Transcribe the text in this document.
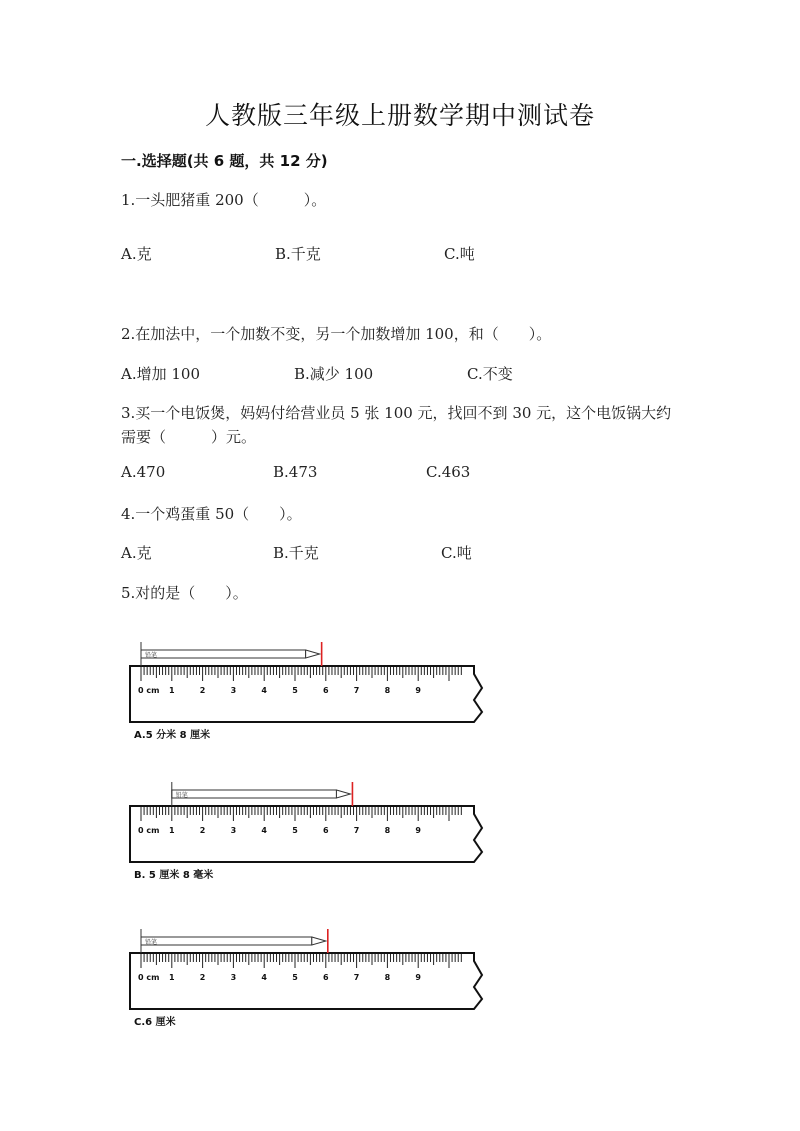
人教版三年级上册数学期中测试卷
一.选择题(共 6 题，共 12 分)
1.一头肥猪重 200（　　　）。
A.克	B.千克	C.吨
2.在加法中，一个加数不变，另一个加数增加 100，和（　　）。
A.增加 100	B.减少 100	C.不变
3.买一个电饭煲，妈妈付给营业员 5 张 100 元，找回不到 30 元，这个电饭锅大约需要（　　　）元。
A.470	B.473	C.463
4.一个鸡蛋重 50（　　）。
A.克	B.千克	C.吨
5.对的是（　　）。
0 cm 1	2	3	4	5	6	7	8	9
铅笔
A.5 分米 8 厘米
0 cm 1	2	3	4	5	6	7	8	9
铅笔
B. 5 厘米 8 毫米
0 cm 1	2	3	4	5	6	7	8	9
铅笔
C.6 厘米
